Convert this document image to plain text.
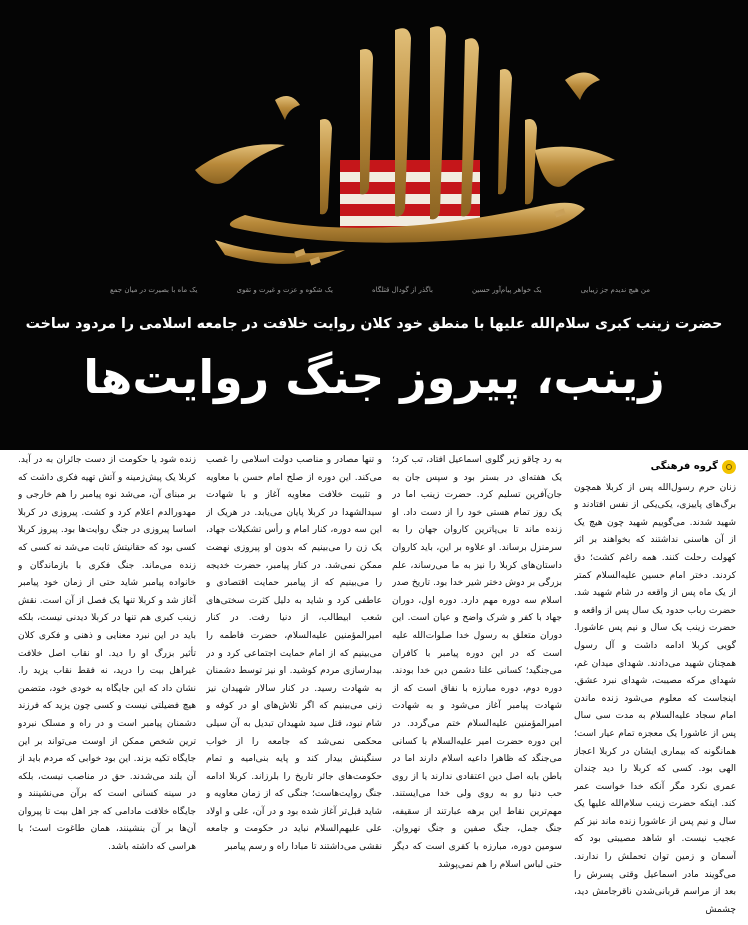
من هیچ ندیدم جز زیبایی
یک خواهر پیام‌آور حسین
باگذر از گودال قتلگاه
یک شکوه و عزت و غیرت و تقوی
یک ماه با بصیرت در میان جمع
حضرت زینب کبری سلام‌الله علیها با منطق خود کلان روایت خلافت در جامعه اسلامی را مردود ساخت
زینب، پیروز جنگ روایت‌ها
گروه فرهنگی
زنان حرم رسول‌الله پس از کربلا همچون برگ‌های پاییزی، یکی‌یکی از نفس افتادند و شهید شدند. می‌گوییم شهید چون هیچ یک از آن هاسنی نداشتند که بخواهند بر اثر کهولت رحلت کنند. همه راغم کشت؛ دق کردند. دختر امام حسین علیه‌السلام کمتر از یک ماه پس از واقعه در شام شهید شد. حضرت رباب حدود یک سال پس از واقعه و حضرت زینب یک سال و نیم پس عاشورا. گویی کربلا ادامه داشت و آل رسول همچنان شهید می‌دادند. شهدای میدان غم، شهدای مرکه مصیبت، شهدای نبرد عشق. اینجاست که معلوم می‌شود زنده ماندن امام سجاد علیه‌السلام به مدت سی سال پس از عاشورا یک معجزه تمام عیار است؛ همانگونه که بیماری ایشان در کربلا اعجاز الهی بود. کسی که کربلا را دید چندان عمری نکرد مگر آنکه خدا خواست عمر کند. اینکه حضرت زینب سلام‌الله علیها یک سال و نیم پس از عاشورا زنده ماند نیز کم عجیب نیست. او شاهد مصیبتی بود که آسمان و زمین توان تحملش را ندارند. می‌گویند مادر اسماعیل وقتی پسرش را بعد از مراسم قربانی‌شدن ناقرجامش دید، چشمش
به رد چاقو زیر گلوی اسماعیل افتاد، تب کرد؛ یک هفته‌ای در بستر بود و سپس جان به جان‌آفرین تسلیم کرد. حضرت زینب اما در یک روز تمام هستی خود را از دست داد. او زنده ماند تا بی‌پاترین کاروان جهان را به سرمنزل برساند. او علاوه بر این، باید کاروان داستان‌های کربلا را نیز به ما می‌رساند، علم بزرگی بر دوش دختر شیر خدا بود. تاریخ صدر اسلام سه دوره مهم دارد. دوره اول، دوران جهاد با کفر و شرک واضح و عیان است. این دوران متعلق به رسول خدا صلوات‌الله علیه است که در این دوره پیامبر با کافران می‌جنگید؛ کسانی علنا دشمن دین خدا بودند. دوره دوم، دوره مبارزه با نفاق است که از شهادت پیامبر آغاز می‌شود و به شهادت امیرالمؤمنین علیه‌السلام ختم می‌گردد. در این دوره حضرت امیر علیه‌السلام با کسانی می‌جنگد که ظاهرا داعیه اسلام دارند اما در باطن بابه اصل دین اعتقادی ندارند یا از روی حب دنیا رو به روی ولی خدا می‌ایستند. مهم‌ترین نقاط این برهه عبارتند از سقیفه، جنگ جمل، جنگ صفین و جنگ نهروان. سومین دوره، مبارزه با کفری است که دیگر حتی لباس اسلام را هم نمی‌پوشد
و تنها مصادر و مناصب دولت اسلامی را غصب می‌کند. این دوره از صلح امام حسن با معاویه و تثبیت خلافت معاویه آغاز و با شهادت سیدالشهدا در کربلا پایان می‌یابد. در هریک از این سه دوره، کنار امام و رأس تشکیلات جهاد، یک زن را می‌بینیم که بدون او پیروزی نهضت ممکن نمی‌شد. در کنار پیامبر، حضرت خدیجه را می‌بینیم که از پیامبر حمایت اقتصادی و عاطفی کرد و شاید به دلیل کثرت سختی‌های شعب ابیطالب، از دنیا رفت. در کنار امیرالمؤمنین علیه‌السلام، حضرت فاطمه را می‌بینیم که از امام حمایت اجتماعی کرد و در بیدارسازی مردم کوشید. او نیز توسط دشمنان به شهادت رسید. در کنار سالار شهیدان نیز زنی می‌بینیم که اگر تلاش‌های او در کوفه و شام نبود، قتل سید شهیدان تبدیل به آن سیلی محکمی نمی‌شد که جامعه را از خواب سنگینش بیدار کند و پایه بنی‌امیه و تمام حکومت‌های جائر تاریخ را بلرزاند. کربلا ادامه جنگ روایت‌هاست؛ جنگی که از زمان معاویه و شاید قبل‌تر آغاز شده بود و در آن، علی و اولاد علی علیهم‌السلام نباید در حکومت و جامعه نقشی می‌داشتند تا مبادا راه و رسم پیامبر
زنده شود یا حکومت از دست جائران به در آید. کربلا یک پیش‌زمینه و آتش تهیه فکری داشت که بر مبنای آن، می‌شد نوه پیامبر را هم خارجی و مهدورالدم اعلام کرد و کشت. پیروزی در کربلا اساسا پیروزی در جنگ روایت‌ها بود. پیروز کربلا کسی بود که حقانیتش ثابت می‌شد نه کسی که زنده می‌ماند. جنگ فکری با بازماندگان و خانواده پیامبر شاید حتی از زمان خود پیامبر آغاز شد و کربلا تنها یک فصل از آن است. نقش زینب کبری هم تنها در کربلا دیدنی نیست، بلکه باید در این نبرد معنایی و ذهنی و فکری کلان تأثیر بزرگ او را دید. او نقاب اصل خلافت غیراهل بیت را درید، نه فقط نقاب یزید را. نشان داد که این جایگاه به خودی خود، متضمن هیچ فضیلتی نیست و کسی چون یزید که فرزند دشمنان پیامبر است و در راه و مسلک نبردو ترین شخص ممکن از اوست می‌تواند بر این جایگاه تکیه بزند. این بود خوابی که مردم باید از آن بلند می‌شدند. حق در مناصب نیست، بلکه در سینه کسانی است که برآن می‌نشینند و جایگاه خلافت مادامی که جز اهل بیت تا پیروان آن‌ها بر آن بنشینند، همان طاغوت است؛ با هراسی که داشته باشد.
